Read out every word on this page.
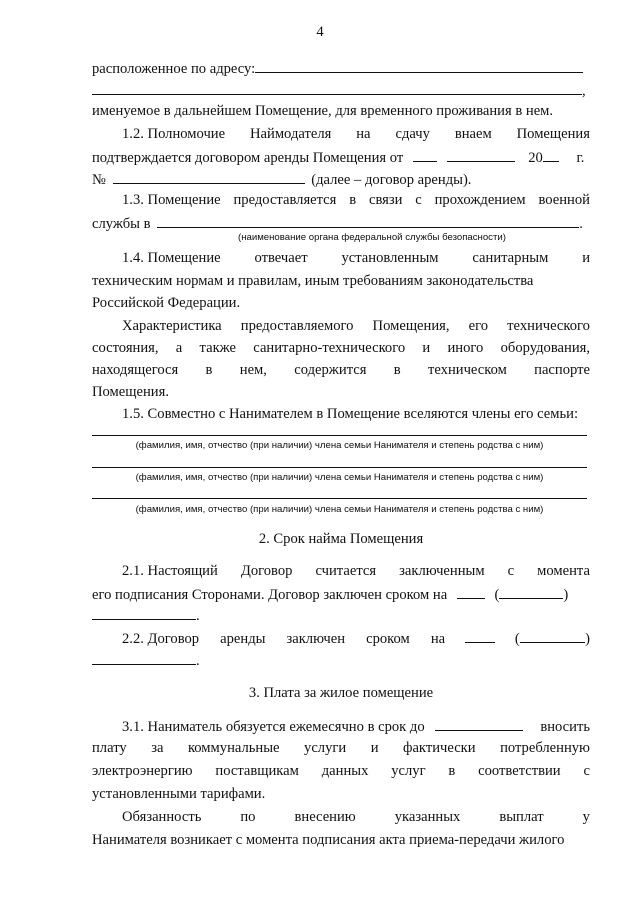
4
расположенное по адресу:
,
именуемое в дальнейшем Помещение, для временного проживания в нем.
1.2. Полномочие Наймодателя на сдачу внаем Помещения
подтверждается договором аренды Помещения от	20 г.
№	(далее – договор аренды).
1.3. Помещение предоставляется в связи с прохождением военной
службы в	.
(наименование органа федеральной службы безопасности)
1.4. Помещение отвечает установленным санитарным и
техническим нормам и правилам, иным требованиям законодательства
Российской Федерации.
Характеристика предоставляемого Помещения, его технического
состояния, а также санитарно-технического и иного оборудования,
находящегося в нем, содержится в техническом паспорте
Помещения.
1.5. Совместно с Нанимателем в Помещение вселяются члены его семьи:
(фамилия, имя, отчество (при наличии) члена семьи Нанимателя и степень родства с ним)
(фамилия, имя, отчество (при наличии) члена семьи Нанимателя и степень родства с ним)
(фамилия, имя, отчество (при наличии) члена семьи Нанимателя и степень родства с ним)
2. Срок найма Помещения
2.1. Настоящий Договор считается заключенным с момента
его подписания Сторонами. Договор заключен сроком на	(	)
.
2.2. Договор аренды заключен сроком на	(	)
.
3. Плата за жилое помещение
3.1. Наниматель обязуется ежемесячно в срок до	вносить
плату за коммунальные услуги и фактически потребленную
электроэнергию поставщикам данных услуг в соответствии с
установленными тарифами.
Обязанность	по	внесению	указанных	выплат	у
Нанимателя возникает с момента подписания акта приема-передачи жилого
